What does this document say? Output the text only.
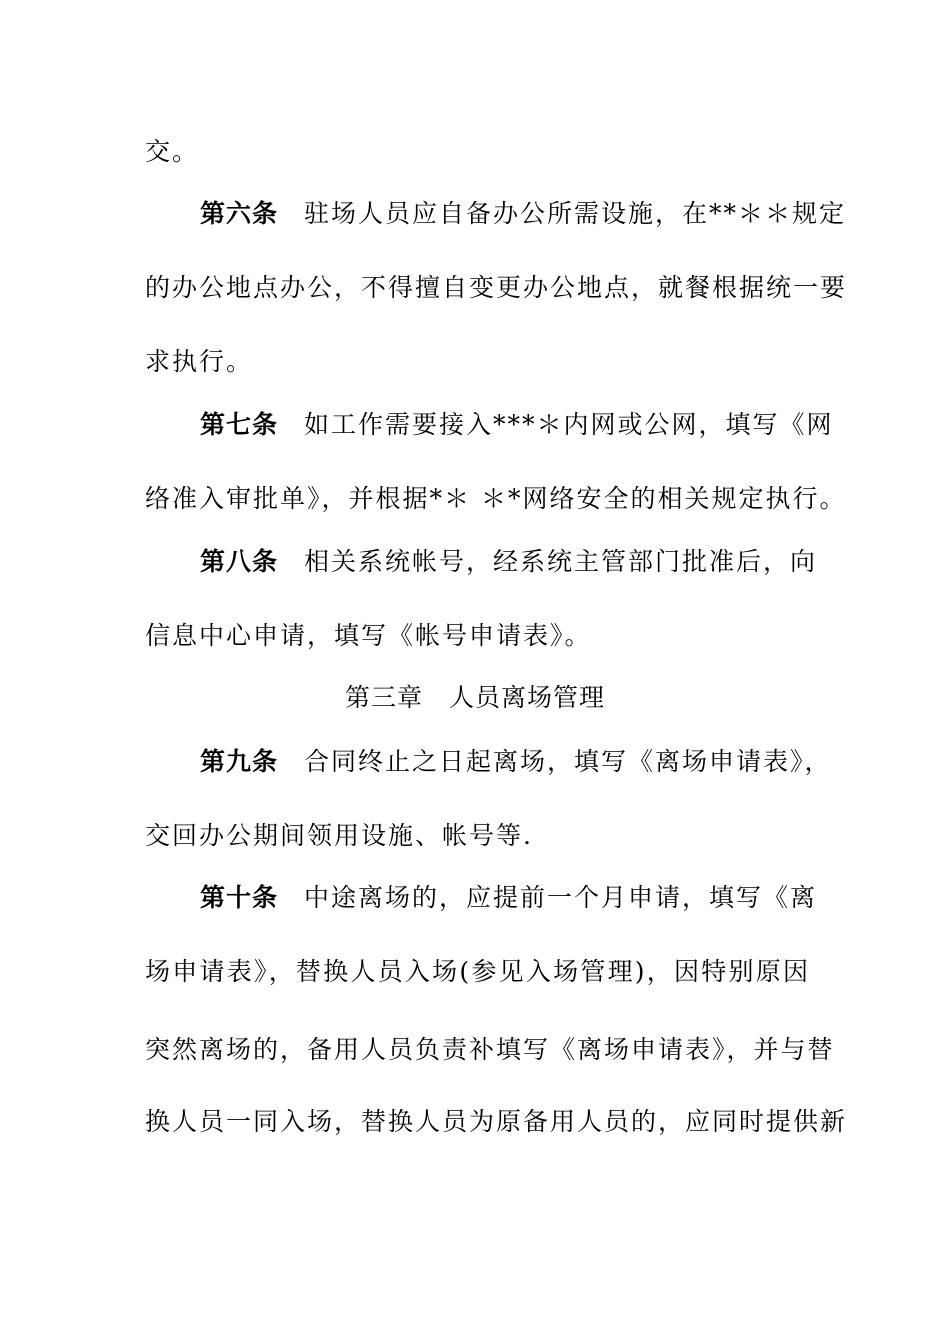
交。
第六条 驻场人员应自备办公所需设施，在**＊＊规定
的办公地点办公，不得擅自变更办公地点，就餐根据统一要
求执行。
第七条 如工作需要接入***＊内网或公网，填写《网
络准入审批单》，并根据*＊ ＊*网络安全的相关规定执行。
第八条 相关系统帐号，经系统主管部门批准后，向
信息中心申请，填写《帐号申请表》。
第三章 人员离场管理
第九条 合同终止之日起离场，填写《离场申请表》，
交回办公期间领用设施、帐号等.
第十条 中途离场的，应提前一个月申请，填写《离
场申请表》，替换人员入场(参见入场管理)，因特别原因
突然离场的，备用人员负责补填写《离场申请表》，并与替
换人员一同入场，替换人员为原备用人员的，应同时提供新
